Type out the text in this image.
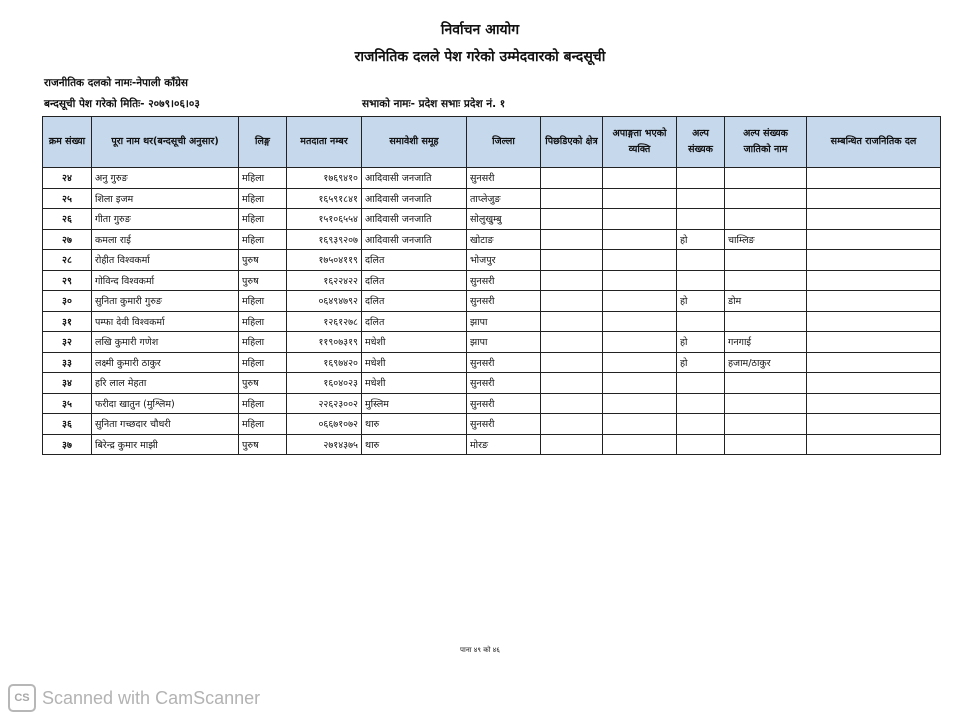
निर्वाचन आयोग
राजनितिक दलले पेश गरेको उम्मेदवारको बन्दसूची
राजनीतिक दलको नामः-नेपाली काँग्रेस
बन्दसूची पेश गरेको मितिः- २०७९।०६।०३	सभाको नामः- प्रदेश सभाः प्रदेश नं. १
क्रम संख्या	पूरा नाम थर(बन्दसूची अनुसार)	लिङ्ग	मतदाता नम्बर	समावेशी समूह	जिल्ला	पिछडिएको क्षेत्र	अपाङ्गता भएको व्यक्ति	अल्प संख्यक	अल्प संख्यक जातिको नाम	सम्बन्धित राजनितिक दल
२४	अनु गुरुङ	महिला	१७६९४१०	आदिवासी जनजाति	सुनसरी					
२५	शिला इजम	महिला	१६५९१८४१	आदिवासी जनजाति	ताप्लेजुङ					
२६	गीता गुरुङ	महिला	१५१०६५५४	आदिवासी जनजाति	सोलुखुम्बु					
२७	कमला राई	महिला	१६९३९२०७	आदिवासी जनजाति	खोटाङ			हो	चाम्लिङ	
२८	रोहीत विश्वकर्मा	पुरुष	१७५०४११९	दलित	भोजपुर					
२९	गोविन्द विश्वकर्मा	पुरुष	१६२२४२२	दलित	सुनसरी					
३०	सुनिता कुमारी गुरुङ	महिला	०६४९४७९२	दलित	सुनसरी			हो	डोम	
३१	पम्फा देवी विश्वकर्मा	महिला	१२६१२७८	दलित	झापा					
३२	लखि कुमारी गणेश	महिला	११९०७३१९	मधेशी	झापा			हो	गनगाई	
३३	लक्ष्मी कुमारी ठाकुर	महिला	१६९७४२०	मधेशी	सुनसरी			हो	हजाम/ठाकुर	
३४	हरि लाल मेहता	पुरुष	१६०४०२३	मधेशी	सुनसरी					
३५	फरीदा खातुन (मुश्लिम)	महिला	२२६२३००२	मुस्लिम	सुनसरी					
३६	सुनिता गच्छदार चौधरी	महिला	०६६७१०७२	थारु	सुनसरी					
३७	बिरेन्द्र कुमार माझी	पुरुष	२७१४३७५	थारु	मोरङ					
पाना ४९ को ४६
CS Scanned with CamScanner
